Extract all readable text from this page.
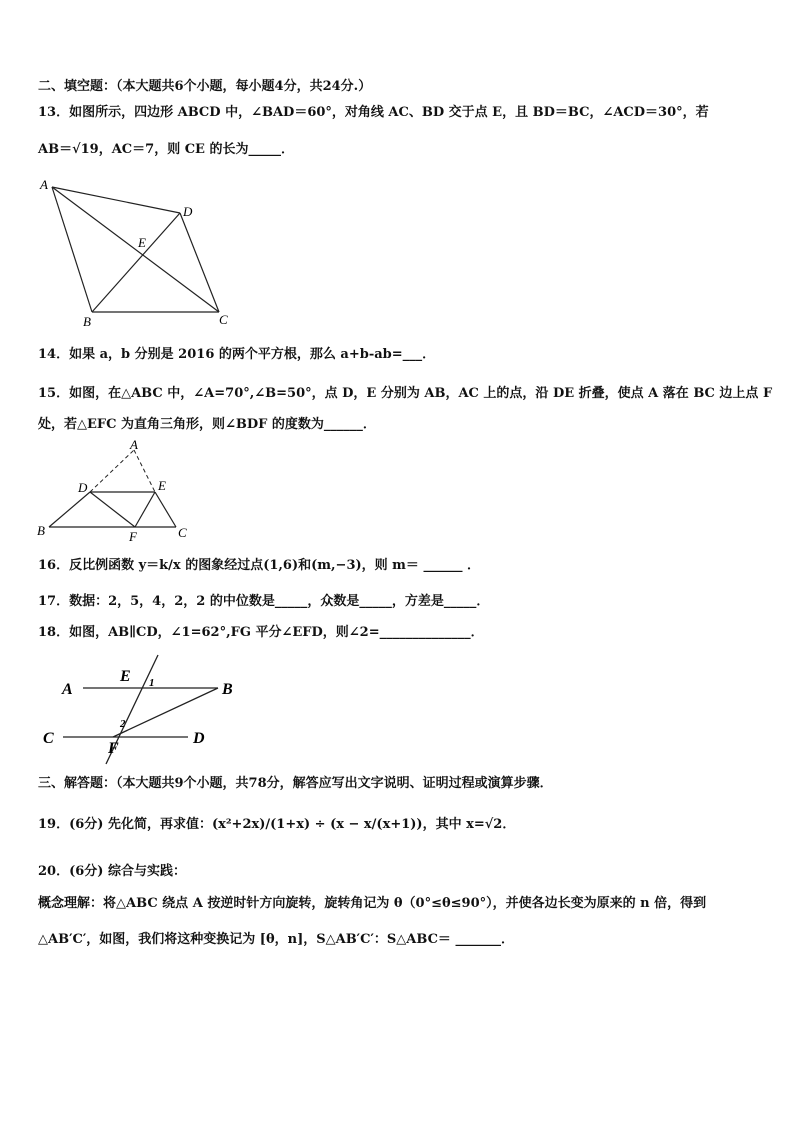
二、填空题：（本大题共6个小题，每小题4分，共24分.）
13．如图所示，四边形 ABCD 中，∠BAD＝60°，对角线 AC、BD 交于点 E，且 BD＝BC，∠ACD＝30°，若
AB＝√19，AC＝7，则 CE 的长为_____．
A
D
E
B	C
14．如果 a，b 分别是 2016 的两个平方根，那么 a+b-ab=___．
15．如图，在△ABC 中，∠A=70°,∠B=50°，点 D，E 分别为 AB，AC 上的点，沿 DE 折叠，使点 A 落在 BC 边上点 F
处，若△EFC 为直角三角形，则∠BDF 的度数为______．
A
D	E
B	F	C
16．反比例函数 y＝k/x 的图象经过点(1,6)和(m,−3)，则 m＝ ______ ．
17．数据：2，5，4，2，2 的中位数是_____，众数是_____，方差是_____．
18．如图，AB∥CD，∠1=62°,FG 平分∠EFD，则∠2=______________．
A
E 1	B
2
C	D
F
三、解答题：（本大题共9个小题，共78分，解答应写出文字说明、证明过程或演算步骤．
19．(6分) 先化简，再求值：(x²+2x)/(1+x) ÷ (x − x/(x+1))，其中 x=√2．
20．(6分) 综合与实践：
概念理解：将△ABC 绕点 A 按逆时针方向旋转，旋转角记为 θ（0°≤θ≤90°），并使各边长变为原来的 n 倍，得到
△AB′C′，如图，我们将这种变换记为 [θ，n]，S△AB′C′：S△ABC＝ _______．
